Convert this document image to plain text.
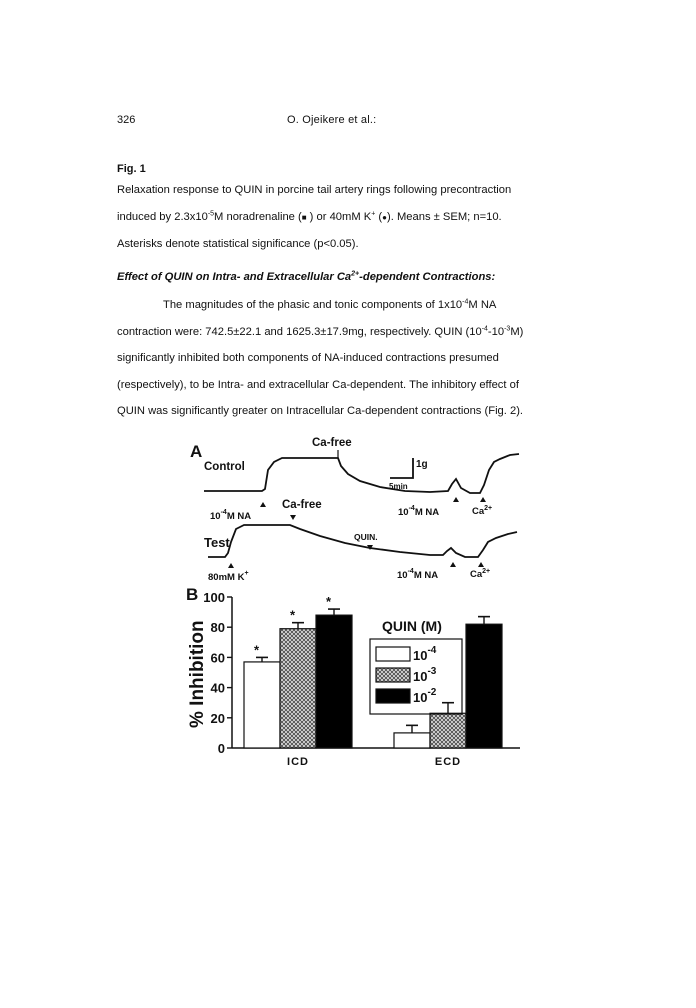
326	O. Ojeikere et al.:
Fig. 1
Relaxation response to QUIN in porcine tail artery rings following precontraction
induced by $2.3x10^{-5}M$ noradrenaline (■ ) or 40mM K+ (●). Means ± SEM; n=10.
Asterisks denote statistical significance (p<0.05).
Effect of QUIN on Intra- and Extracellular $Ca^{2+}$-dependent Contractions:
The magnitudes of the phasic and tonic components of $1x10^{-4}M$ NA
contraction were: 742.5±22.1 and 1625.3±17.9mg, respectively. QUIN $(10^{-4}-10^{-3}M)$
significantly inhibited both components of NA-induced contractions presumed
(respectively), to be Intra- and extracellular Ca-dependent. The inhibitory effect of
QUIN was significantly greater on Intracellular Ca-dependent contractions (Fig. 2).
A
Control
Ca-free
1g
5min
$10^{-4}M$ NA	$10^{-4}M$ NA	$Ca^{2+}$
Ca-free
Test	QUIN.
80mM K+	$10^{-4}M$ NA	$Ca^{2+}$
B
% Inhibition
0
20
40
60
80
100
*
*
*
ICD	ECD
QUIN (M)
$10^{-4}$
$10^{-3}$
$10^{-2}$
